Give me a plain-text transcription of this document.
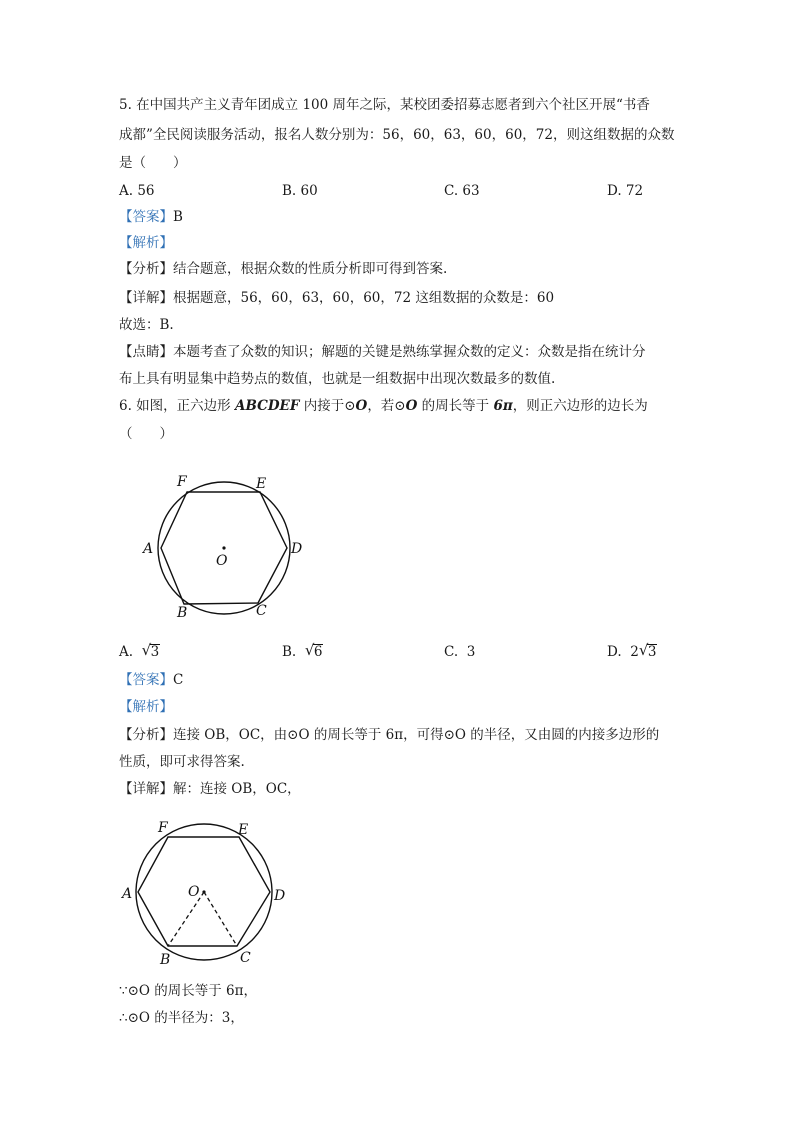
5. 在中国共产主义青年团成立 100 周年之际，某校团委招募志愿者到六个社区开展“书香
成都”全民阅读服务活动，报名人数分别为：56，60，63，60，60，72，则这组数据的众数
是（　　）
A. 56	B. 60	C. 63	D. 72
【答案】B
【解析】
【分析】结合题意，根据众数的性质分析即可得到答案.
【详解】根据题意，56，60，63，60，60，72 这组数据的众数是：60
故选：B.
【点睛】本题考查了众数的知识；解题的关键是熟练掌握众数的定义：众数是指在统计分
布上具有明显集中趋势点的数值，也就是一组数据中出现次数最多的数值.
6. 如图，正六边形 ABCDEF 内接于⊙O，若⊙O 的周长等于 6π，则正六边形的边长为
（　　）
F	E
A	D
O
B	C
A. √ 3	B. √ 6	C. 3	D. 2 √ 3
【答案】C
【解析】
【分析】连接 OB，OC，由⊙O 的周长等于 6π，可得⊙O 的半径，又由圆的内接多边形的
性质，即可求得答案.
【详解】解：连接 OB，OC，
F	E
A	D
O
B	C
∵⊙O 的周长等于 6π，
∴⊙O 的半径为：3，
